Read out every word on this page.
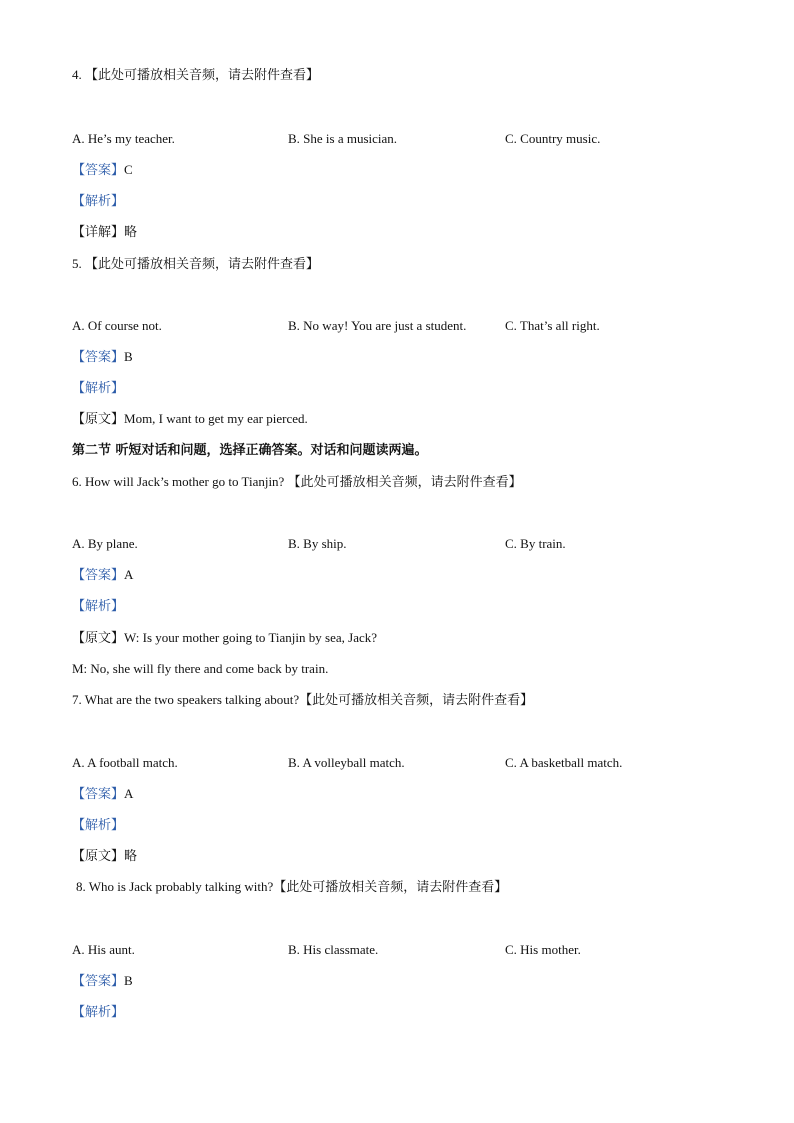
4. 【此处可播放相关音频，请去附件查看】
A. He’s my teacher.	B. She is a musician.	C. Country music.
【答案】C
【解析】
【详解】略
5. 【此处可播放相关音频，请去附件查看】
A. Of course not.	B. No way! You are just a student.	C. That’s all right.
【答案】B
【解析】
【原文】Mom, I want to get my ear pierced.
第二节 听短对话和问题，选择正确答案。对话和问题读两遍。
6. How will Jack’s mother go to Tianjin? 【此处可播放相关音频，请去附件查看】
A. By plane.	B. By ship.	C. By train.
【答案】A
【解析】
【原文】W: Is your mother going to Tianjin by sea, Jack?
M: No, she will fly there and come back by train.
7. What are the two speakers talking about?【此处可播放相关音频，请去附件查看】
A. A football match.	B. A volleyball match.	C. A basketball match.
【答案】A
【解析】
【原文】略
8. Who is Jack probably talking with?【此处可播放相关音频，请去附件查看】
A. His aunt.	B. His classmate.	C. His mother.
【答案】B
【解析】
